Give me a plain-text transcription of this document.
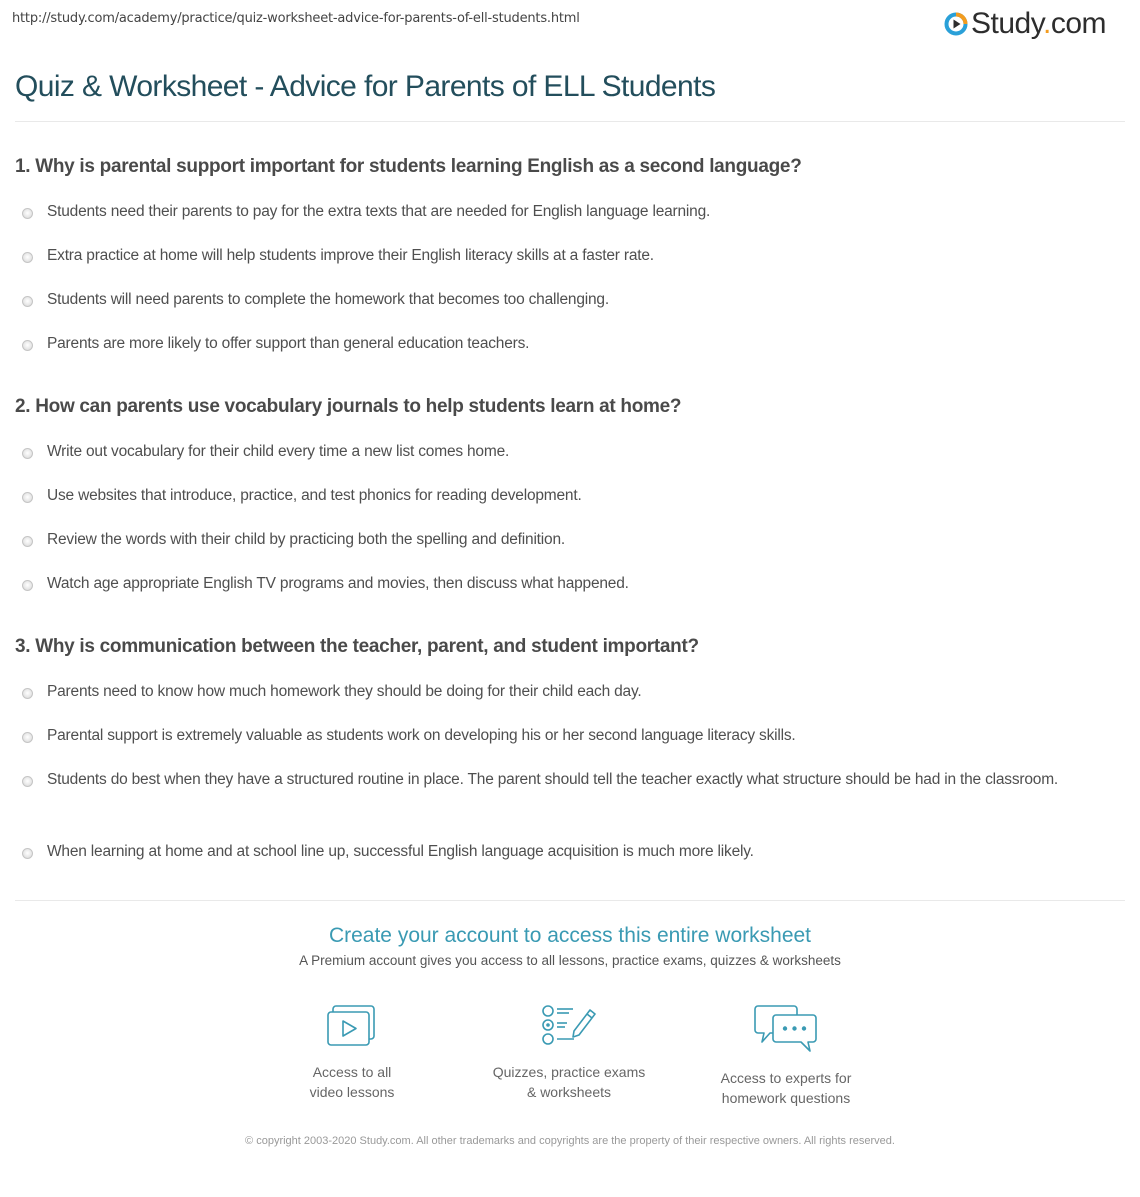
http://study.com/academy/practice/quiz-worksheet-advice-for-parents-of-ell-students.html	Study.com
Quiz & Worksheet - Advice for Parents of ELL Students
1. Why is parental support important for students learning English as a second language?
Students need their parents to pay for the extra texts that are needed for English language learning.
Extra practice at home will help students improve their English literacy skills at a faster rate.
Students will need parents to complete the homework that becomes too challenging.
Parents are more likely to offer support than general education teachers.
2. How can parents use vocabulary journals to help students learn at home?
Write out vocabulary for their child every time a new list comes home.
Use websites that introduce, practice, and test phonics for reading development.
Review the words with their child by practicing both the spelling and definition.
Watch age appropriate English TV programs and movies, then discuss what happened.
3. Why is communication between the teacher, parent, and student important?
Parents need to know how much homework they should be doing for their child each day.
Parental support is extremely valuable as students work on developing his or her second language literacy skills.
Students do best when they have a structured routine in place. The parent should tell the teacher exactly what structure should be had in the classroom.
When learning at home and at school line up, successful English language acquisition is much more likely.
Create your account to access this entire worksheet
A Premium account gives you access to all lessons, practice exams, quizzes & worksheets
Access to all
video lessons
Quizzes, practice exams
& worksheets
Access to experts for
homework questions
© copyright 2003-2020 Study.com. All other trademarks and copyrights are the property of their respective owners. All rights reserved.
